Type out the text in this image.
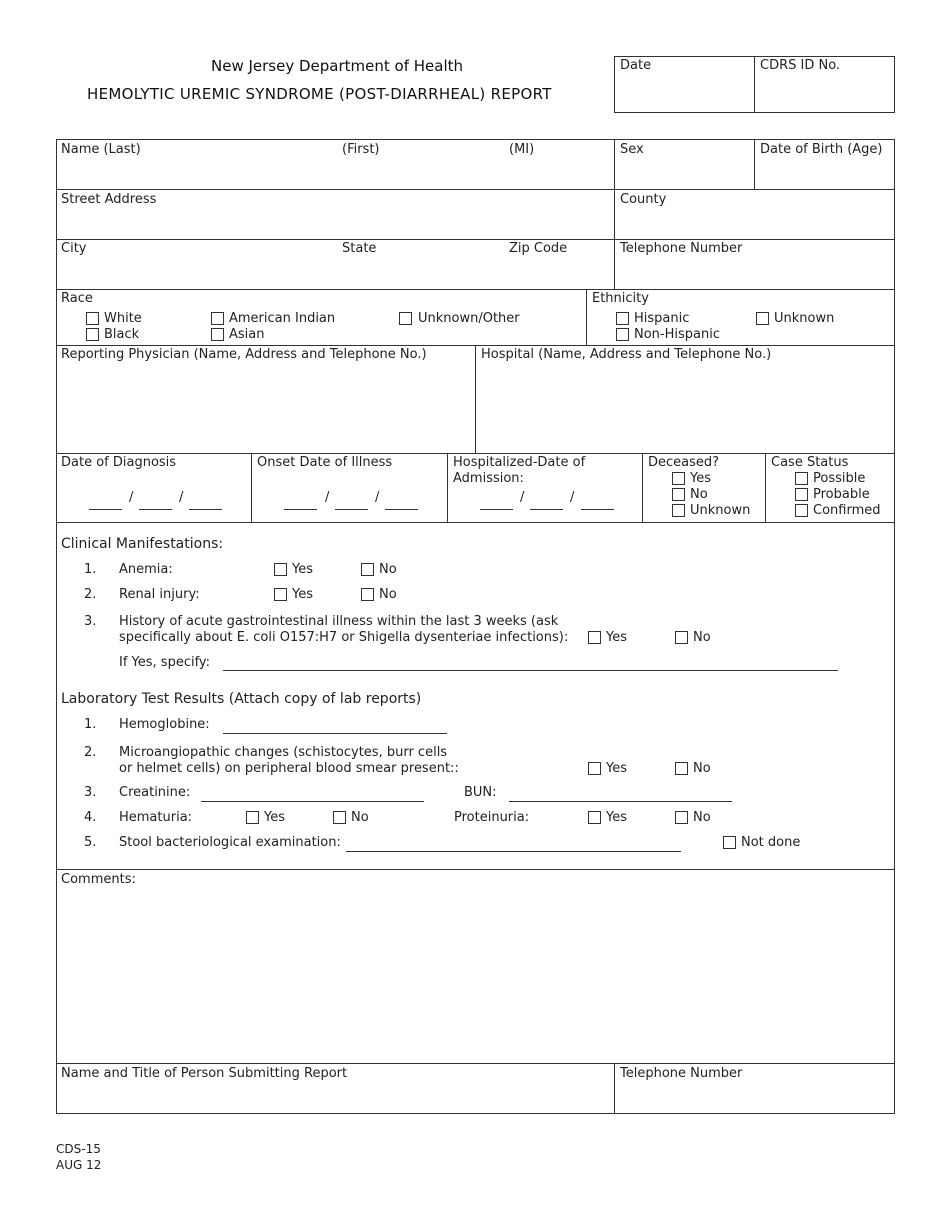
New Jersey Department of Health
HEMOLYTIC UREMIC SYNDROME (POST-DIARRHEAL) REPORT
Date	CDRS ID No.
Name (Last)	(First)	(MI)	Sex	Date of Birth (Age)
Street Address	County
City	State	Zip Code	Telephone Number
Race
White
Black
American Indian
Asian
Unknown/Other
Ethnicity
Hispanic
Non-Hispanic
Unknown
Reporting Physician (Name, Address and Telephone No.)	Hospital (Name, Address and Telephone No.)
Date of Diagnosis
/	/
Onset Date of Illness
/	/
Hospitalized-Date of
Admission:
/	/
Deceased?
Yes
No
Unknown
Case Status
Possible
Probable
Confirmed
Clinical Manifestations:
1. Anemia:	Yes	No
2. Renal injury:	Yes	No
3. History of acute gastrointestinal illness within the last 3 weeks (ask
specifically about E. coli O157:H7 or Shigella dysenteriae infections):	Yes	No
If Yes, specify:
Laboratory Test Results (Attach copy of lab reports)
1. Hemoglobine:
2. Microangiopathic changes (schistocytes, burr cells
or helmet cells) on peripheral blood smear present::	Yes	No
3. Creatinine:	BUN:
4. Hematuria:	Yes	No	Proteinuria:	Yes	No
5. Stool bacteriological examination:	Not done
Comments:
Name and Title of Person Submitting Report	Telephone Number
CDS-15
AUG 12
